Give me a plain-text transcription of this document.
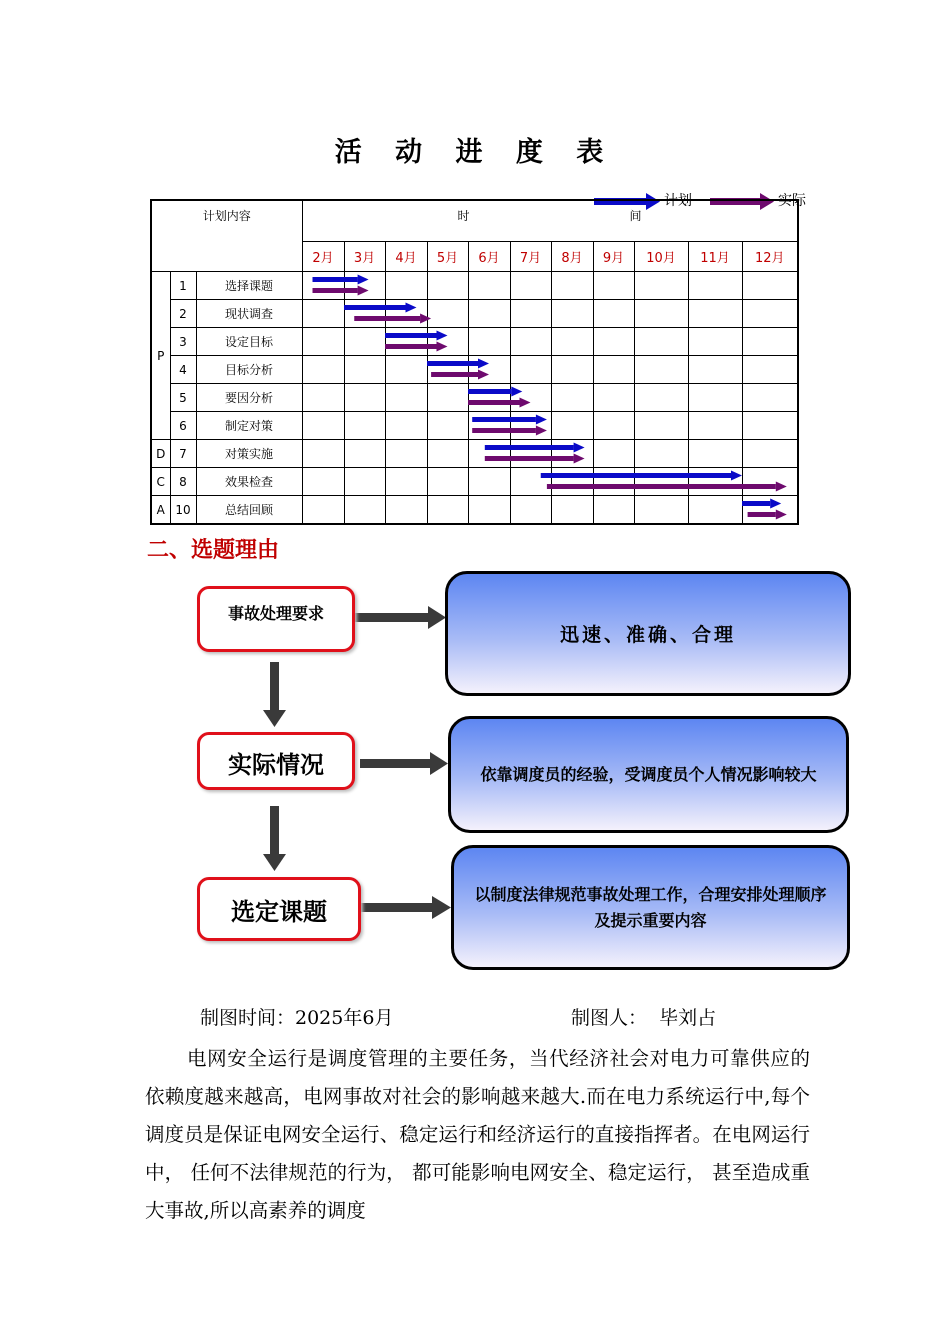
活 动 进 度 表
计划	实际
计划内容			时 间										

			2月	3月	4月	5月	6月	7月	8月	9月	10月	11月	12月
P	1	选择课题											
	2	现状调查											
	3	设定目标											
	4	目标分析											
	5	要因分析											
	6	制定对策											
D	7	对策实施											
C	8	效果检查											
A	10	总结回顾											
二、选题理由
事故处理要求
实际情况
选定课题
迅速、准确、合理
依靠调度员的经验，受调度员个人情况影响较大
以制度法律规范事故处理工作，合理安排处理顺序及提示重要内容
制图时间：2025年6月	制图人：  毕刘占
电网安全运行是调度管理的主要任务，当代经济社会对电力可靠供应的依赖度越来越高，电网事故对社会的影响越来越大.而在电力系统运行中,每个调度员是保证电网安全运行、稳定运行和经济运行的直接指挥者。在电网运行中， 任何不法律规范的行为， 都可能影响电网安全、稳定运行， 甚至造成重大事故,所以高素养的调度
